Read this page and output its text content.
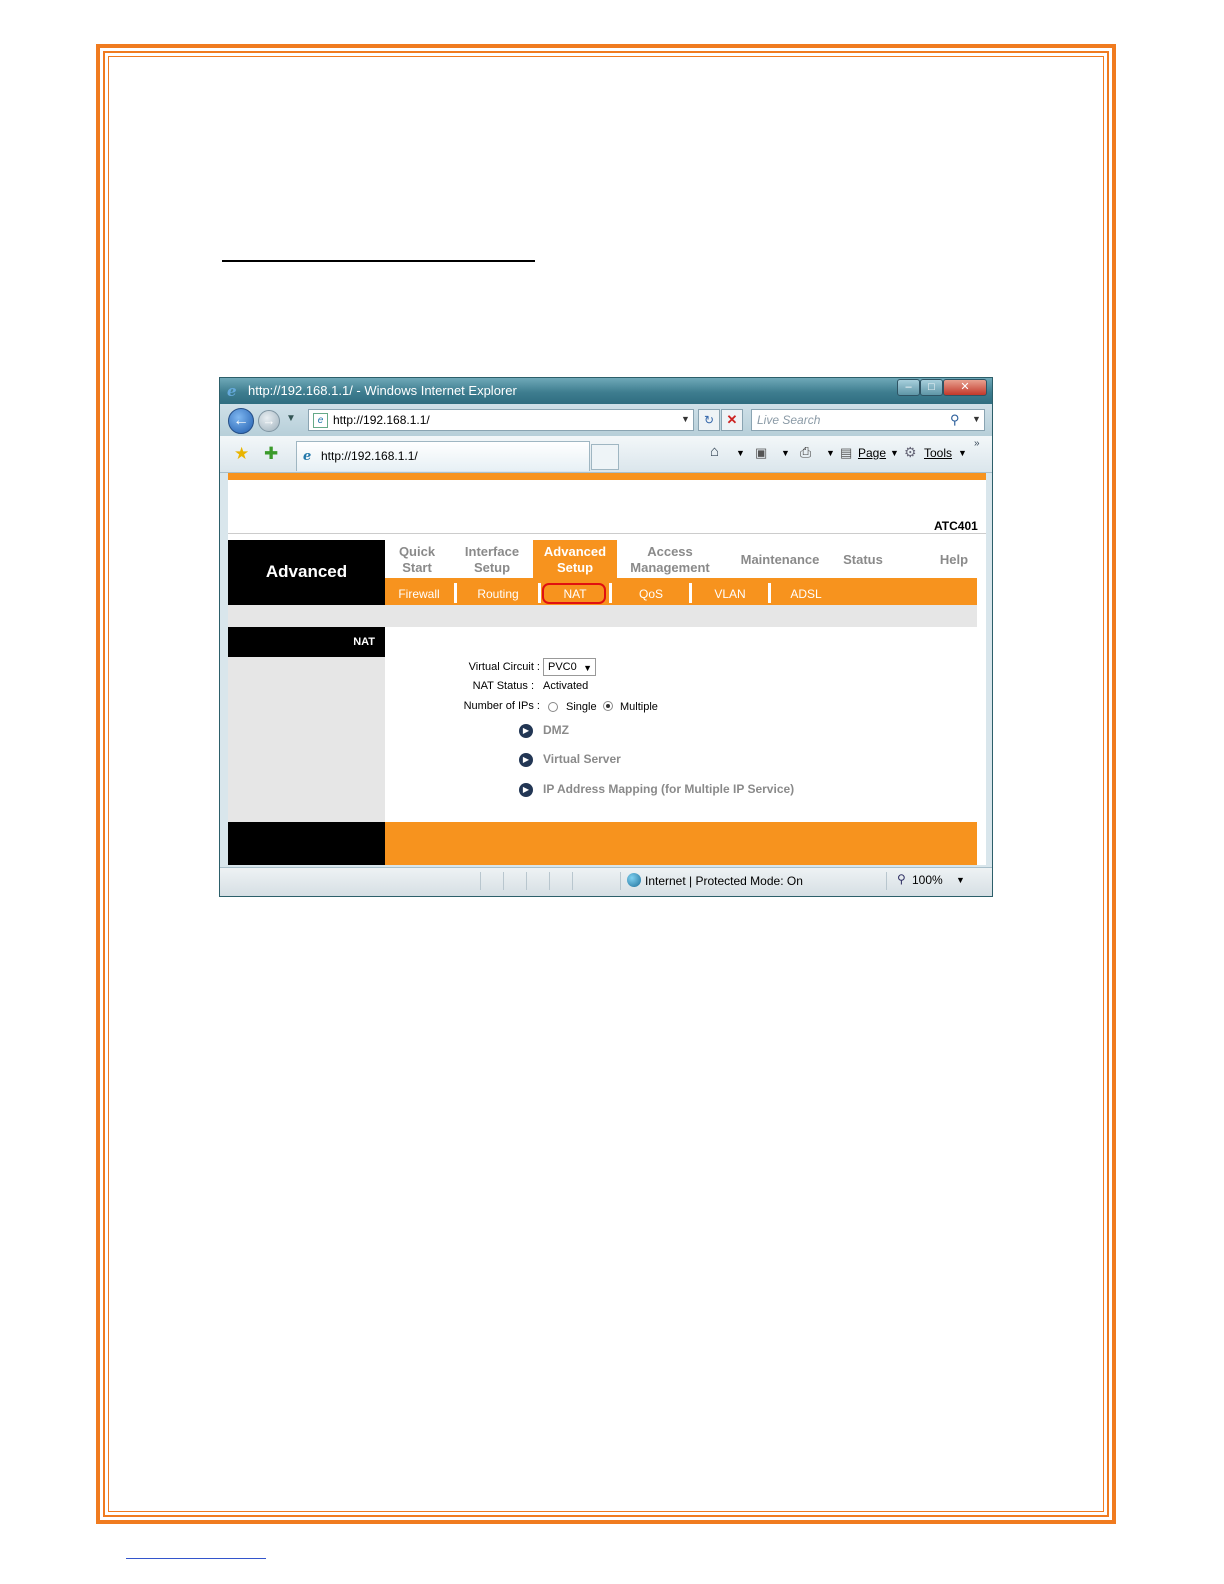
e http://192.168.1.1/ - Windows Internet Explorer	–	□	✕
←	→	▼	e http://192.168.1.1/	▼	↻ ✕	Live Search	⚲ ▼
★ ✚ e http://192.168.1.1/	⌂ ▼ ▣ ▼ ⎙ ▼ ▤ Page ▼ ⚙ Tools ▼
»
ATC401
Advanced
Quick
Start
Interface
Setup
Advanced
Setup
Access
Management
Maintenance	Status	Help
Firewall	Routing	NAT	QoS	VLAN	ADSL
NAT
Virtual Circuit : PVC0 ▼
NAT Status : Activated
Number of IPs : Single Multiple
▶	DMZ
▶	Virtual Server
▶	IP Address Mapping (for Multiple IP Service)
Internet | Protected Mode: On	⚲ 100% ▼
